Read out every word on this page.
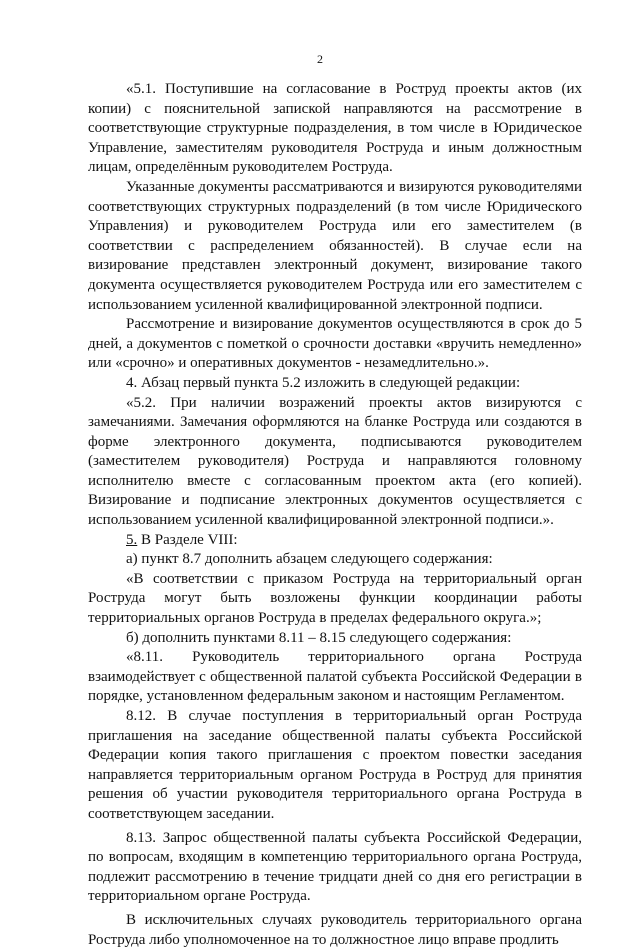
2

«5.1. Поступившие на согласование в Роструд проекты актов (их копии) с пояснительной запиской направляются на рассмотрение в соответствующие структурные подразделения, в том числе в Юридическое Управление, заместителям руководителя Роструда и иным должностным лицам, определённым руководителем Роструда.

Указанные документы рассматриваются и визируются руководителями соответствующих структурных подразделений (в том числе Юридического Управления) и руководителем Роструда или его заместителем (в соответствии с распределением обязанностей). В случае если на визирование представлен электронный документ, визирование такого документа осуществляется руководителем Роструда или его заместителем с использованием усиленной квалифицированной электронной подписи.

Рассмотрение и визирование документов осуществляются в срок до 5 дней, а документов с пометкой о срочности доставки «вручить немедленно» или «срочно» и оперативных документов - незамедлительно.».

4. Абзац первый пункта 5.2 изложить в следующей редакции:

«5.2. При наличии возражений проекты актов визируются с замечаниями. Замечания оформляются на бланке Роструда или создаются в форме электронного документа, подписываются руководителем (заместителем руководителя) Роструда и направляются головному исполнителю вместе с согласованным проектом акта (его копией). Визирование и подписание электронных документов осуществляется с использованием усиленной квалифицированной электронной подписи.».

5. В Разделе VIII:

а) пункт 8.7 дополнить абзацем следующего содержания:

«В соответствии с приказом Роструда на территориальный орган Роструда могут быть возложены функции координации работы территориальных органов Роструда в пределах федерального округа.»;

б) дополнить пунктами 8.11 – 8.15 следующего содержания:

«8.11. Руководитель территориального органа Роструда взаимодействует с общественной палатой субъекта Российской Федерации в порядке, установленном федеральным законом и настоящим Регламентом.

8.12. В случае поступления в территориальный орган Роструда приглашения на заседание общественной палаты субъекта Российской Федерации копия такого приглашения с проектом повестки заседания направляется территориальным органом Роструда в Роструд для принятия решения об участии руководителя территориального органа Роструда в соответствующем заседании.

8.13. Запрос общественной палаты субъекта Российской Федерации, по вопросам, входящим в компетенцию территориального органа Роструда, подлежит рассмотрению в течение тридцати дней со дня его регистрации в территориальном органе Роструда.

В исключительных случаях руководитель территориального органа Роструда либо уполномоченное на то должностное лицо вправе продлить
